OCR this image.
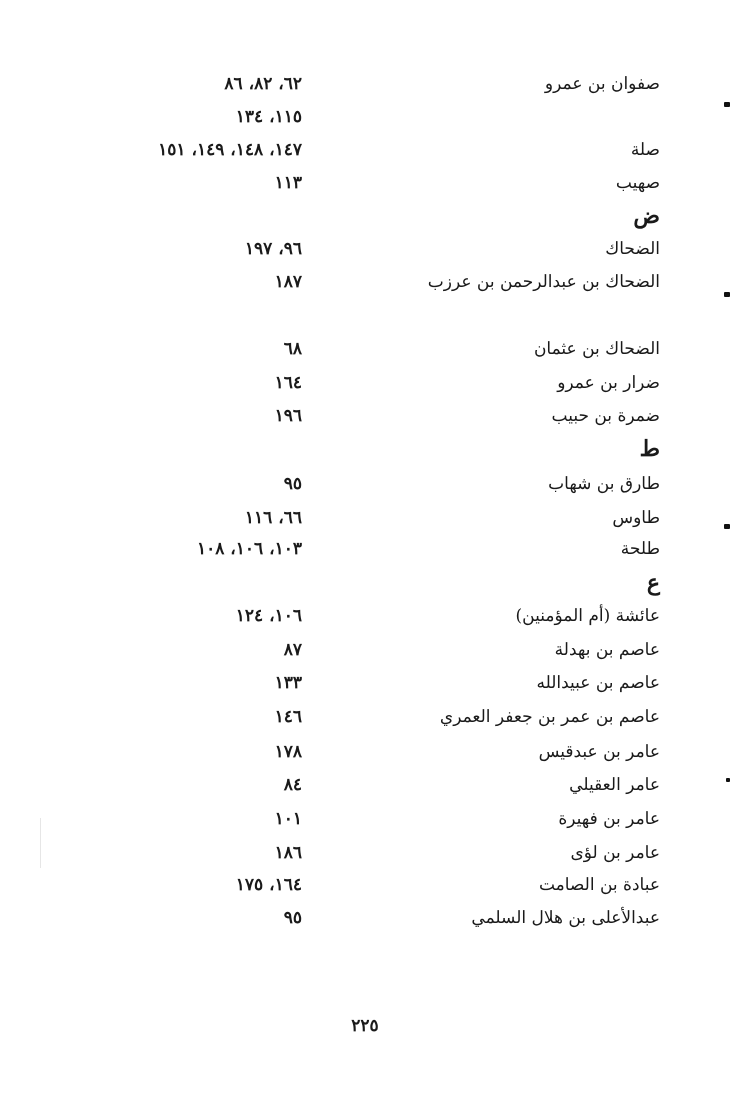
صفوان بن عمرو
٦٢، ٨٢، ٨٦
١١٥، ١٣٤
صلة
١٤٧، ١٤٨، ١٤٩، ١٥١
صهيب
١١٣
ض
الضحاك
٩٦، ١٩٧
الضحاك بن عبدالرحمن بن عرزب
١٨٧
الضحاك بن عثمان
٦٨
ضرار بن عمرو
١٦٤
ضمرة بن حبيب
١٩٦
ط
طارق بن شهاب
٩٥
طاوس
٦٦، ١١٦
طلحة
١٠٣، ١٠٦، ١٠٨
ع
عائشة (أم المؤمنين)
١٠٦، ١٢٤
عاصم بن بهدلة
٨٧
عاصم بن عبيدالله
١٣٣
عاصم بن عمر بن جعفر العمري
١٤٦
عامر بن عبدقيس
١٧٨
عامر العقيلي
٨٤
عامر بن فهيرة
١٠١
عامر بن لؤى
١٨٦
عبادة بن الصامت
١٦٤، ١٧٥
عبدالأعلى بن هلال السلمي
٩٥
٢٢٥
